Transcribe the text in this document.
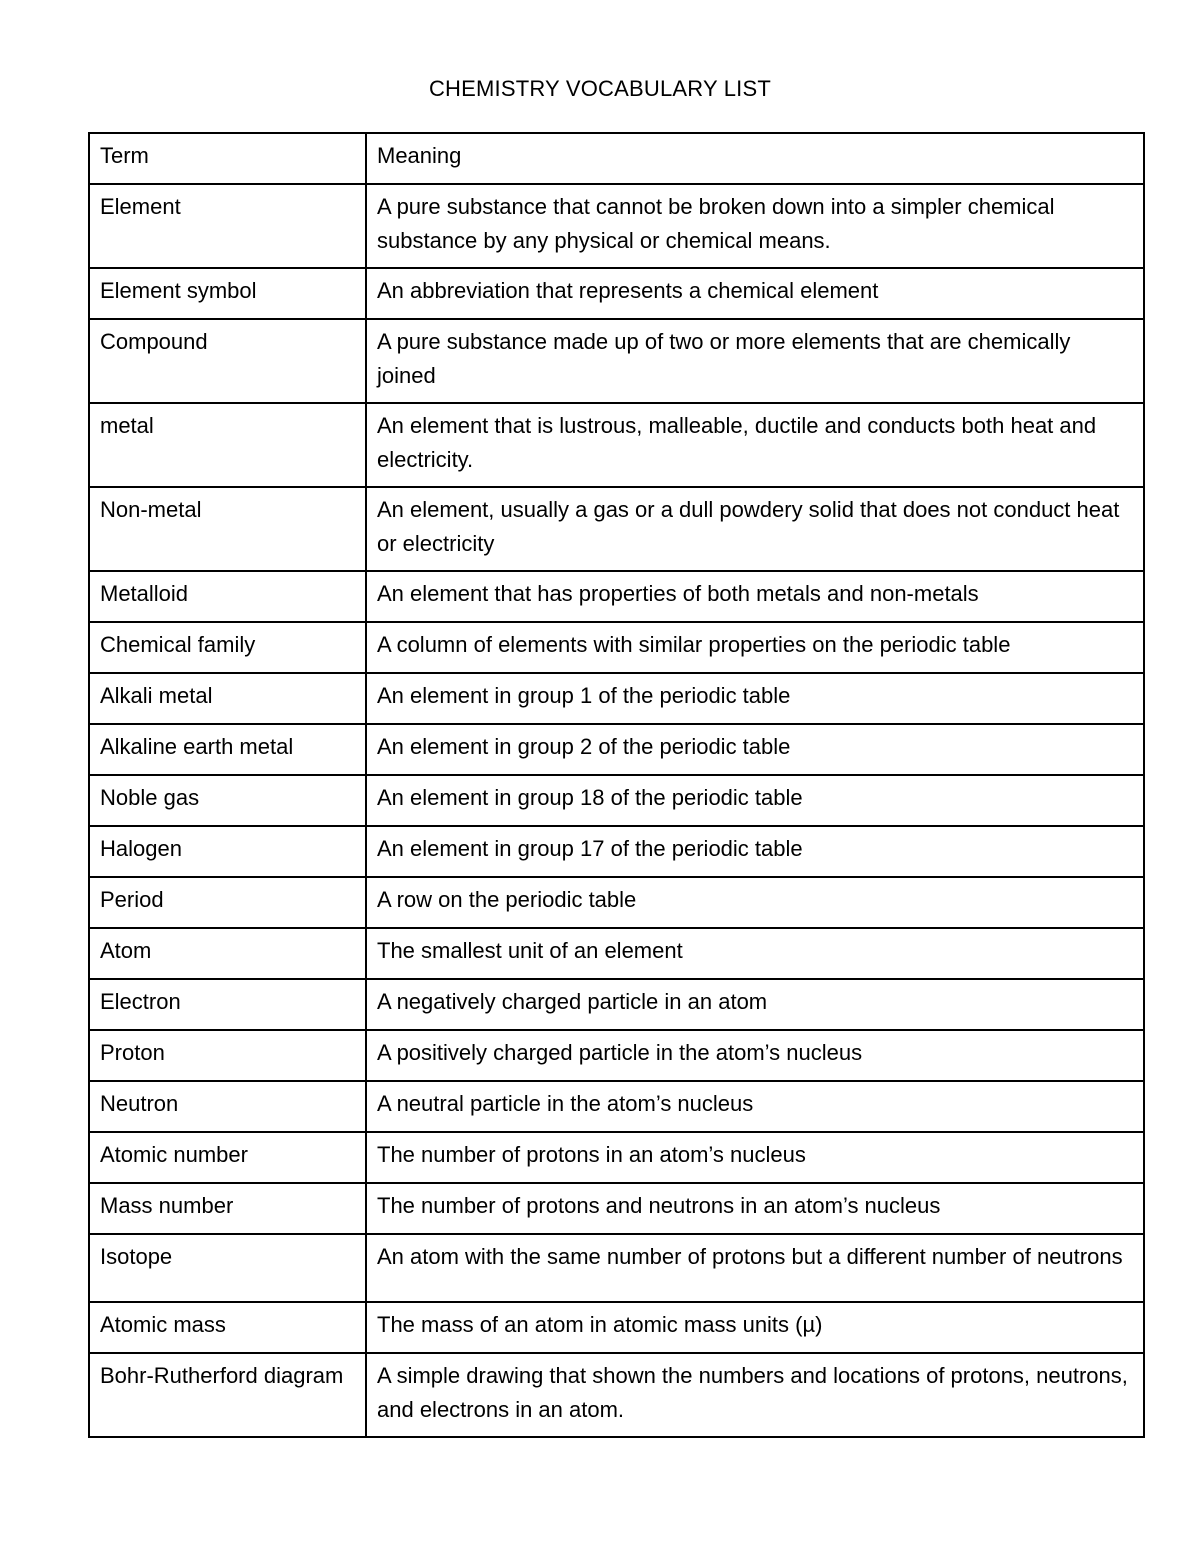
CHEMISTRY VOCABULARY LIST
Term	Meaning
Element	A pure substance that cannot be broken down into a simpler chemical substance by any physical or chemical means.
Element symbol	An abbreviation that represents a chemical element
Compound	A pure substance made up of two or more elements that are chemically joined
metal	An element that is lustrous, malleable, ductile and conducts both heat and electricity.
Non-metal	An element, usually a gas or a dull powdery solid that does not conduct heat or electricity
Metalloid	An element that has properties of both metals and non-metals
Chemical family	A column of elements with similar properties on the periodic table
Alkali metal	An element in group 1 of the periodic table
Alkaline earth metal	An element in group 2 of the periodic table
Noble gas	An element in group 18 of the periodic table
Halogen	An element in group 17 of the periodic table
Period	A row on the periodic table
Atom	The smallest unit of an element
Electron	A negatively charged particle in an atom
Proton	A positively charged particle in the atom’s nucleus
Neutron	A neutral particle in the atom’s nucleus
Atomic number	The number of protons in an atom’s nucleus
Mass number	The number of protons and neutrons in an atom’s nucleus
Isotope	An atom with the same number of protons but a different number of neutrons
Atomic mass	The mass of an atom in atomic mass units (µ)
Bohr-Rutherford diagram	A simple drawing that shown the numbers and locations of protons, neutrons, and electrons in an atom.
